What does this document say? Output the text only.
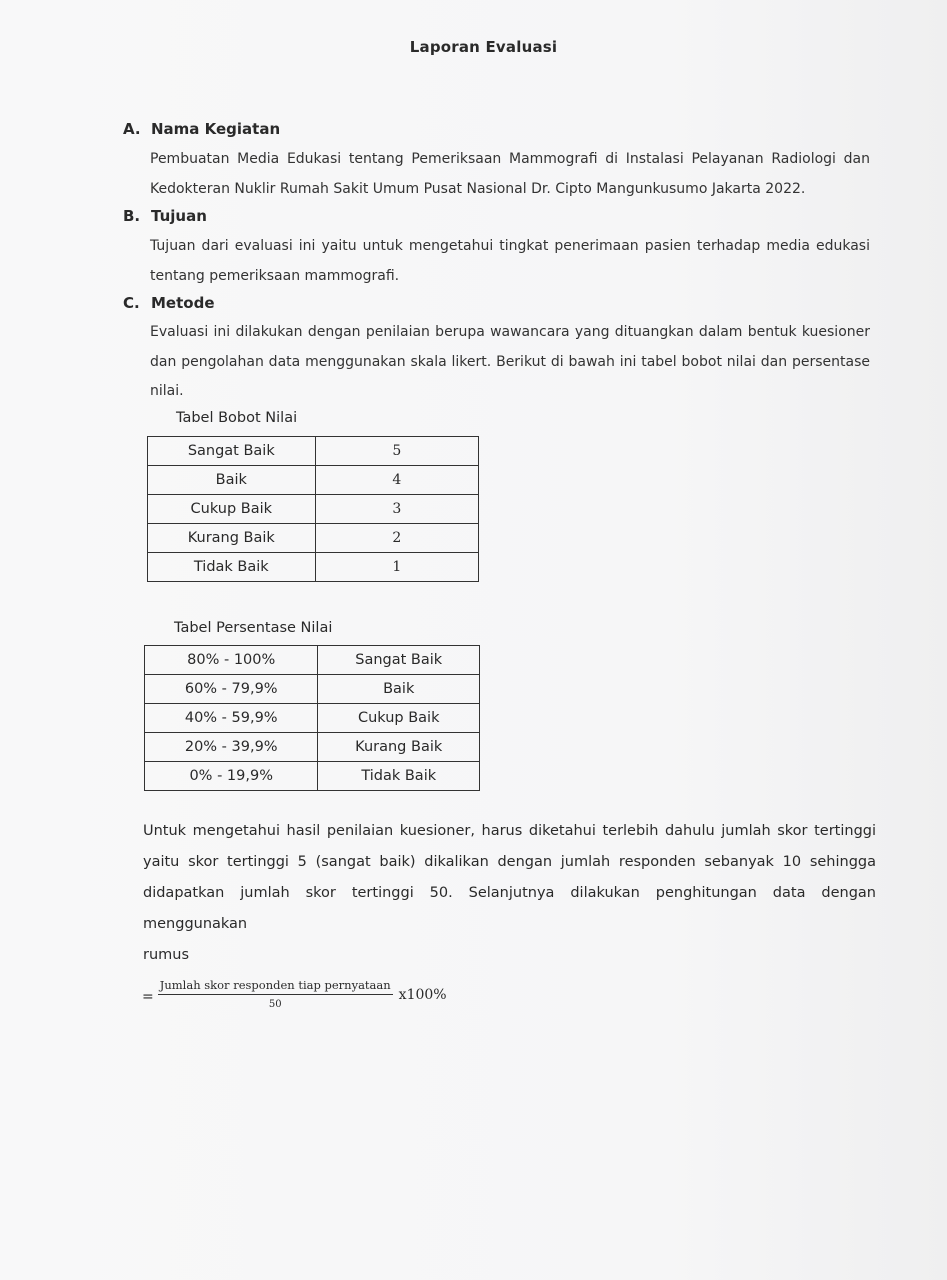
Laporan Evaluasi
A. Nama Kegiatan
Pembuatan Media Edukasi tentang Pemeriksaan Mammografi di Instalasi Pelayanan Radiologi dan
Kedokteran Nuklir Rumah Sakit Umum Pusat Nasional Dr. Cipto Mangunkusumo Jakarta 2022.
B. Tujuan
Tujuan dari evaluasi ini yaitu untuk mengetahui tingkat penerimaan pasien terhadap media edukasi
tentang pemeriksaan mammografi.
C. Metode
Evaluasi ini dilakukan dengan penilaian berupa wawancara yang dituangkan dalam bentuk kuesioner
dan pengolahan data menggunakan skala likert. Berikut di bawah ini tabel bobot nilai dan persentase
nilai.
Tabel Bobot Nilai
Sangat Baik	5
Baik	4
Cukup Baik	3
Kurang Baik	2
Tidak Baik	1
Tabel Persentase Nilai
80% - 100%	Sangat Baik
60% - 79,9%	Baik
40% - 59,9%	Cukup Baik
20% - 39,9%	Kurang Baik
0% - 19,9%	Tidak Baik
Untuk mengetahui hasil penilaian kuesioner, harus diketahui terlebih dahulu jumlah skor tertinggi
yaitu skor tertinggi 5 (sangat baik) dikalikan dengan jumlah responden sebanyak 10 sehingga
didapatkan jumlah skor tertinggi 50. Selanjutnya dilakukan penghitungan data dengan menggunakan
rumus
= $\frac{\text{Jumlah skor responden tiap pernyataan}}{50} x100\%$
